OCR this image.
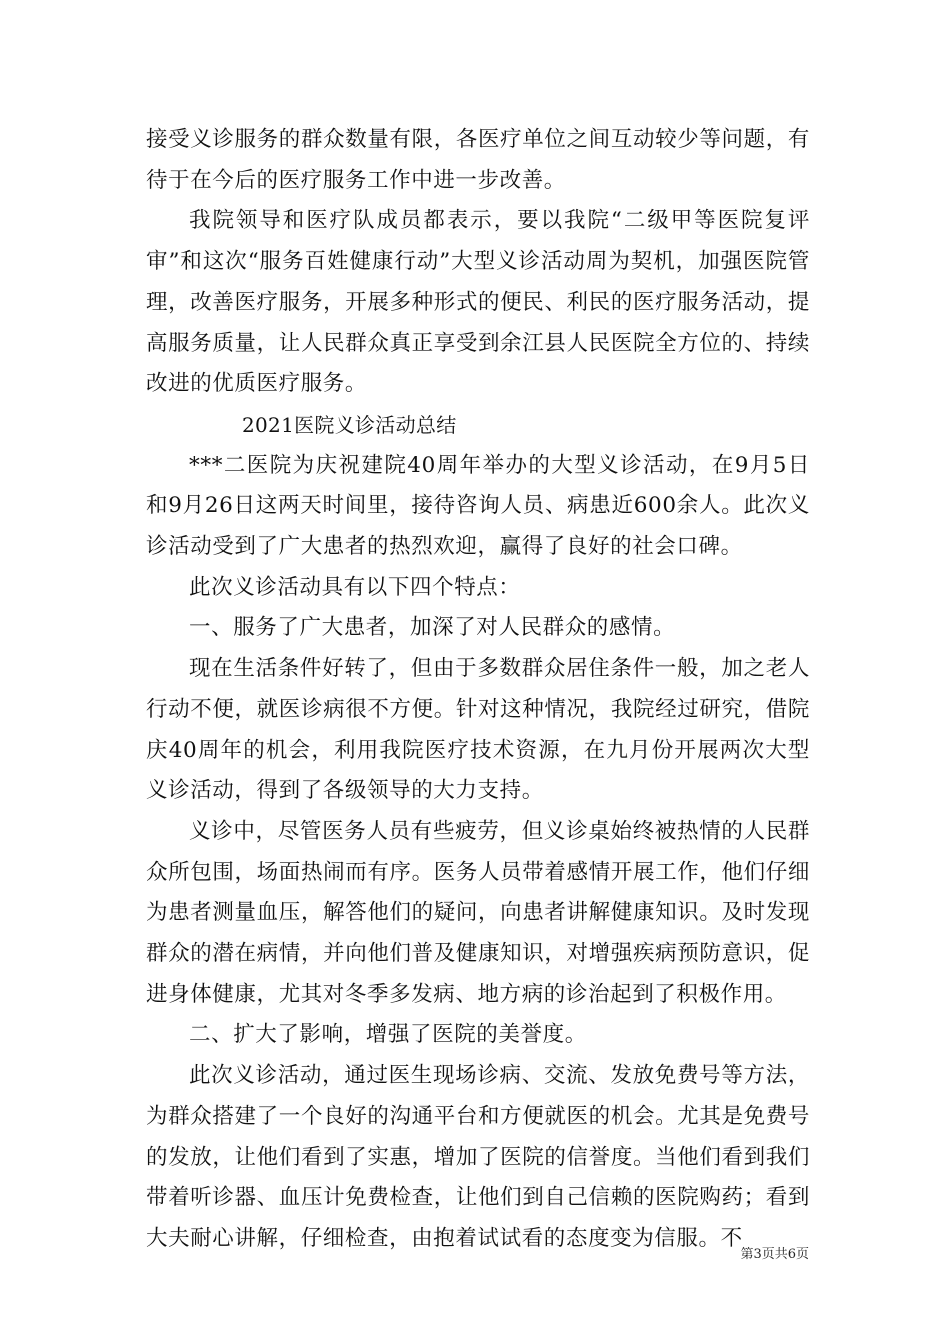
接受义诊服务的群众数量有限，各医疗单位之间互动较少等问题，有待于在今后的医疗服务工作中进一步改善。

我院领导和医疗队成员都表示，要以我院“二级甲等医院复评审”和这次“服务百姓健康行动”大型义诊活动周为契机，加强医院管理，改善医疗服务，开展多种形式的便民、利民的医疗服务活动，提高服务质量，让人民群众真正享受到余江县人民医院全方位的、持续改进的优质医疗服务。

2021医院义诊活动总结

***二医院为庆祝建院40周年举办的大型义诊活动，在9月5日和9月26日这两天时间里，接待咨询人员、病患近600余人。此次义诊活动受到了广大患者的热烈欢迎，赢得了良好的社会口碑。

此次义诊活动具有以下四个特点：

一、服务了广大患者，加深了对人民群众的感情。

现在生活条件好转了，但由于多数群众居住条件一般，加之老人行动不便，就医诊病很不方便。针对这种情况，我院经过研究，借院庆40周年的机会，利用我院医疗技术资源，在九月份开展两次大型义诊活动，得到了各级领导的大力支持。

义诊中，尽管医务人员有些疲劳，但义诊桌始终被热情的人民群众所包围，场面热闹而有序。医务人员带着感情开展工作，他们仔细为患者测量血压，解答他们的疑问，向患者讲解健康知识。及时发现群众的潜在病情，并向他们普及健康知识，对增强疾病预防意识，促进身体健康，尤其对冬季多发病、地方病的诊治起到了积极作用。

二、扩大了影响，增强了医院的美誉度。

此次义诊活动，通过医生现场诊病、交流、发放免费号等方法，为群众搭建了一个良好的沟通平台和方便就医的机会。尤其是免费号的发放，让他们看到了实惠，增加了医院的信誉度。当他们看到我们带着听诊器、血压计免费检查，让他们到自己信赖的医院购药；看到大夫耐心讲解，仔细检查，由抱着试试看的态度变为信服。不

第3页共6页
